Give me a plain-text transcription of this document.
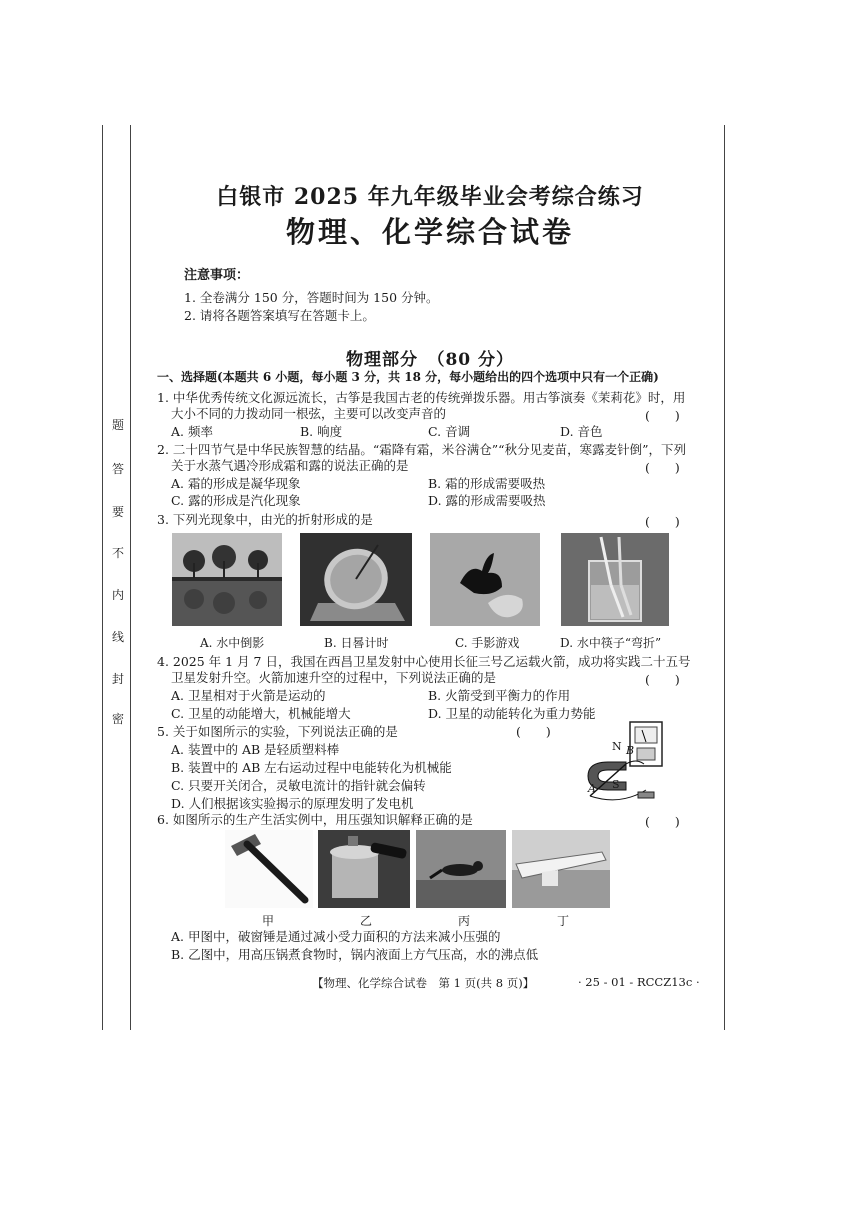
题
答
要
不
内
线
封
密
白银市 2025 年九年级毕业会考综合练习
物理、化学综合试卷
注意事项：
1. 全卷满分 150 分，答题时间为 150 分钟。
2. 请将各题答案填写在答题卡上。
物理部分　（80 分）
一、选择题(本题共 6 小题，每小题 3 分，共 18 分，每小题给出的四个选项中只有一个正确)
1. 中华优秀传统文化源远流长，古筝是我国古老的传统弹拨乐器。用古筝演奏《茉莉花》时，用
大小不同的力拨动同一根弦，主要可以改变声音的	(　　)
A. 频率	B. 响度	C. 音调	D. 音色
2. 二十四节气是中华民族智慧的结晶。“霜降有霜，米谷满仓”“秋分见麦苗，寒露麦针倒”，下列
关于水蒸气遇冷形成霜和露的说法正确的是	(　　)
A. 霜的形成是凝华现象	B. 霜的形成需要吸热
C. 露的形成是汽化现象	D. 露的形成需要吸热
3. 下列光现象中，由光的折射形成的是	(　　)
A. 水中倒影	B. 日晷计时	C. 手影游戏	D. 水中筷子“弯折”
4. 2025 年 1 月 7 日，我国在西昌卫星发射中心使用长征三号乙运载火箭，成功将实践二十五号
卫星发射升空。火箭加速升空的过程中，下列说法正确的是	(　　)
A. 卫星相对于火箭是运动的	B. 火箭受到平衡力的作用
C. 卫星的动能增大，机械能增大	D. 卫星的动能转化为重力势能
5. 关于如图所示的实验，下列说法正确的是	(　　)
A. 装置中的 AB 是轻质塑料棒
B. 装置中的 AB 左右运动过程中电能转化为机械能
C. 只要开关闭合，灵敏电流计的指针就会偏转
D. 人们根据该实验揭示的原理发明了发电机
N
S
A
B
6. 如图所示的生产生活实例中，用压强知识解释正确的是	(　　)
甲	乙	丙	丁
A. 甲图中，破窗锤是通过减小受力面积的方法来减小压强的
B. 乙图中，用高压锅煮食物时，锅内液面上方气压高，水的沸点低
【物理、化学综合试卷　第 1 页(共 8 页)】	· 25 - 01 - RCCZ13c ·
